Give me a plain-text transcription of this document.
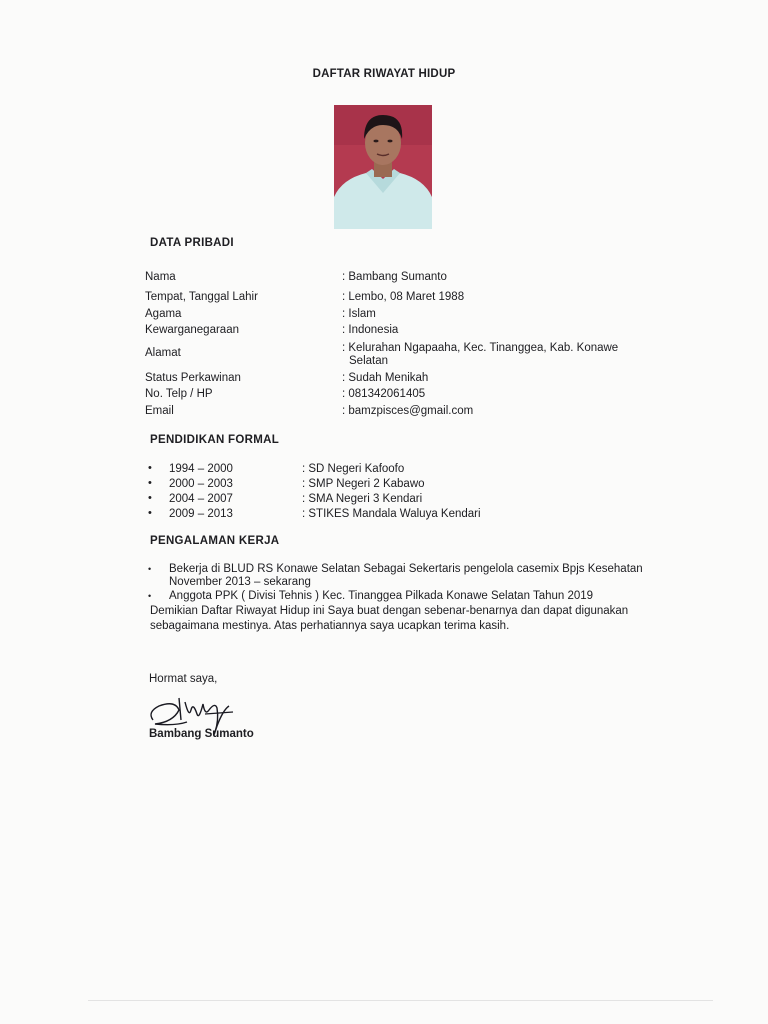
DAFTAR RIWAYAT HIDUP
DATA PRIBADI
Nama	: Bambang Sumanto
Tempat, Tanggal Lahir	: Lembo, 08 Maret 1988
Agama	: Islam
Kewarganegaraan	: Indonesia
Alamat	: Kelurahan Ngapaaha, Kec. Tinanggea, Kab. Konawe
Selatan
Status Perkawinan	: Sudah Menikah
No. Telp / HP	: 081342061405
Email	: bamzpisces@gmail.com
PENDIDIKAN FORMAL
• 1994 – 2000	: SD Negeri Kafoofo
• 2000 – 2003	: SMP Negeri 2 Kabawo
• 2004 – 2007	: SMA Negeri 3 Kendari
• 2009 – 2013	: STIKES Mandala Waluya Kendari
PENGALAMAN KERJA
• Bekerja di BLUD RS Konawe Selatan Sebagai Sekertaris pengelola casemix Bpjs Kesehatan November 2013 – sekarang
• Anggota PPK ( Divisi Tehnis ) Kec. Tinanggea Pilkada Konawe Selatan Tahun 2019
Demikian Daftar Riwayat Hidup ini Saya buat dengan sebenar-benarnya dan dapat digunakan sebagaimana mestinya. Atas perhatiannya saya ucapkan terima kasih.
Hormat saya,
Bambang Sumanto
